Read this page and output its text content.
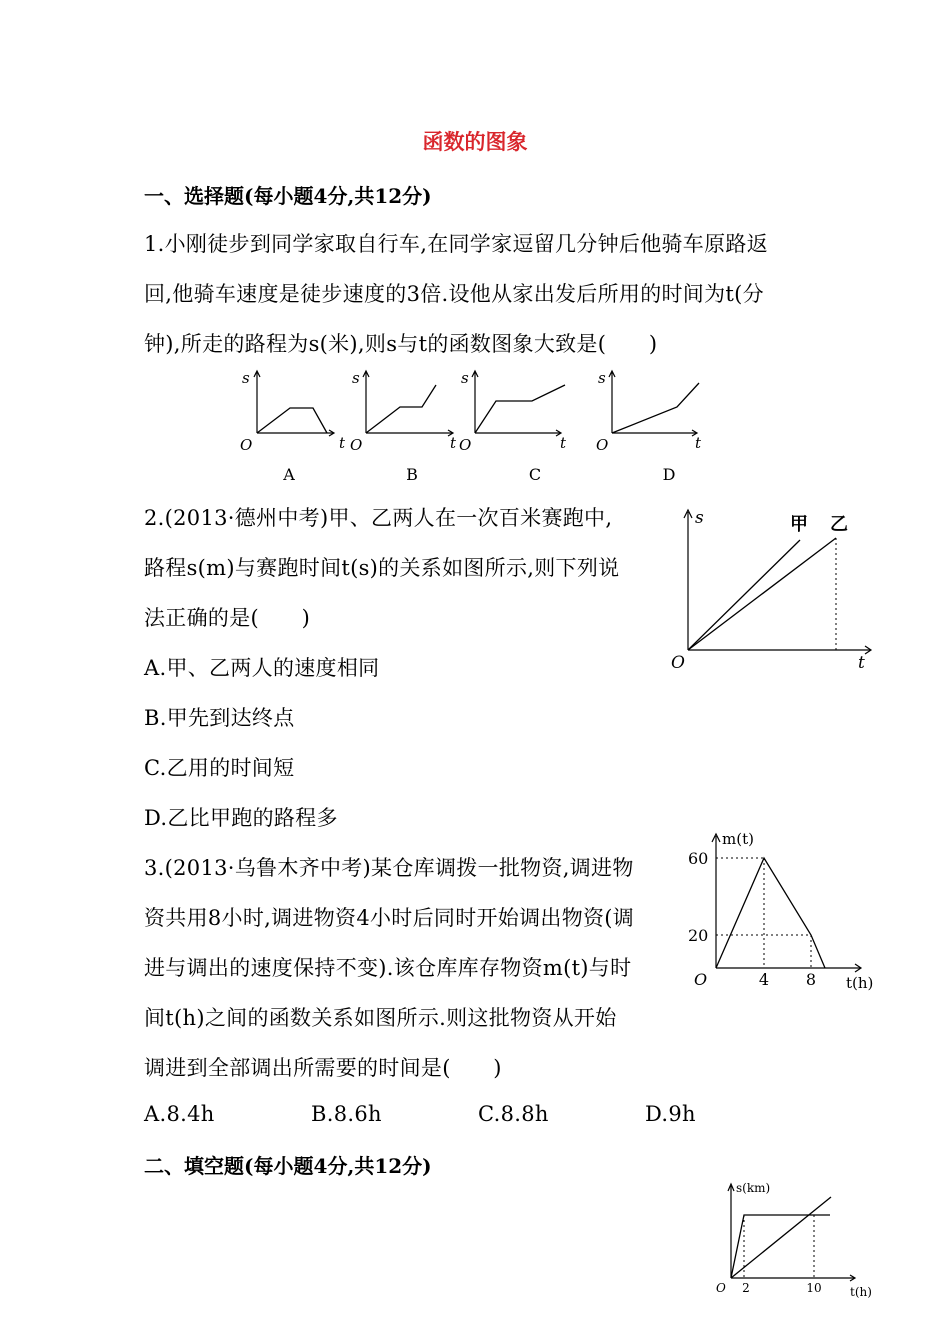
函数的图象
一、选择题(每小题4分,共12分)
1.小刚徒步到同学家取自行车,在同学家逗留几分钟后他骑车原路返
回,他骑车速度是徒步速度的3倍.设他从家出发后所用的时间为t(分
钟),所走的路程为s(米),则s与t的函数图象大致是(　　)
s
O	t
A
s
O	t
B
s
O	t
C
s
O	t
D
2.(2013·德州中考)甲、乙两人在一次百米赛跑中,
路程s(m)与赛跑时间t(s)的关系如图所示,则下列说
法正确的是(　　)
A.甲、乙两人的速度相同
B.甲先到达终点
C.乙用的时间短
D.乙比甲跑的路程多
s
O	t
甲 乙
3.(2013·乌鲁木齐中考)某仓库调拨一批物资,调进物
资共用8小时,调进物资4小时后同时开始调出物资(调
进与调出的速度保持不变).该仓库库存物资m(t)与时
间t(h)之间的函数关系如图所示.则这批物资从开始
调进到全部调出所需要的时间是(　　)
A.8.4h	B.8.6h	C.8.8h	D.9h
m(t)
60
20
O	4 8 t(h)
二、填空题(每小题4分,共12分)
s(km)
O 2	10 t(h)
